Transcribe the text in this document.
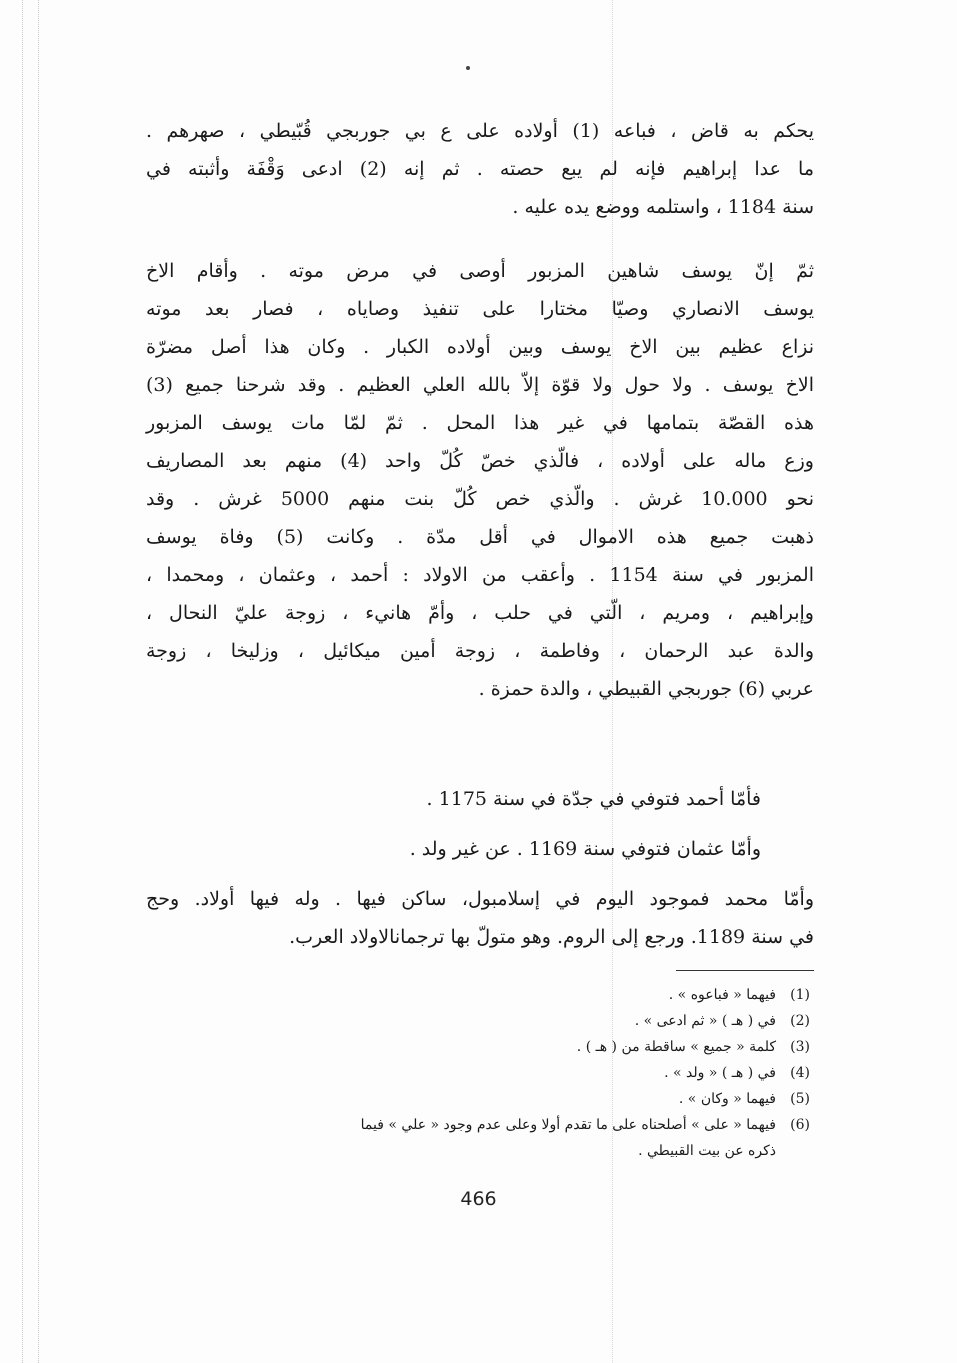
يحكم به قاض ، فباعه (1) أولاده على ع بي جوربجي قُبّيطي ، صهرهم .
ما عدا إبراهيم فإنه لم يبع حصته . ثم إنه (2) ادعى وَقْفَة وأثبته في
سنة 1184 ، واستلمه ووضع يده عليه .
ثمّ إنّ يوسف شاهين المزبور أوصى في مرض موته . وأقام الاخ
يوسف الانصاري وصيّا مختارا على تنفيذ وصاياه ، فصار بعد موته
نزاع عظيم بين الاخ يوسف وبين أولاده الكبار . وكان هذا أصل مضرّة
الاخ يوسف . ولا حول ولا قوّة إلاّ بالله العلي العظيم . وقد شرحنا جميع (3)
هذه القصّة بتمامها في غير هذا المحل . ثمّ لمّا مات يوسف المزبور
وزع ماله على أولاده ، فالّذي خصّ كُلّ واحد (4) منهم بعد المصاريف
نحو 10.000 غرش . والّذي خص كُلّ بنت منهم 5000 غرش . وقد
ذهبت جميع هذه الاموال في أقل مدّة . وكانت (5) وفاة يوسف
المزبور في سنة 1154 . وأعقب من الاولاد : أحمد ، وعثمان ، ومحمدا ،
وإبراهيم ، ومريم ، الّتي في حلب ، وأمّ هانيء ، زوجة عليّ النحال ،
والدة عبد الرحمان ، وفاطمة ، زوجة أمين ميكائيل ، وزليخا ، زوجة
عربي (6) جوربجي القبيطي ، والدة حمزة .
فأمّا أحمد فتوفي في جدّة في سنة 1175 .
وأمّا عثمان فتوفي سنة 1169 . عن غير ولد .
وأمّا محمد فموجود اليوم في إسلامبول، ساكن فيها . وله فيها أولاد. وحج
في سنة 1189. ورجع إلى الروم. وهو متولّ بها ترجمانالاولاد العرب.
(1)
فيهما « فباعوه » .
(2)
في ( هـ ) « ثم ادعى » .
(3)
كلمة « جميع » ساقطة من ( هـ ) .
(4)
في ( هـ ) « ولد » .
(5)
فيهما « وكان » .
(6)
فيهما « على » أصلحناه على ما تقدم أولا وعلى عدم وجود « علي » فيما
ذكره عن بيت القبيطي .
466
